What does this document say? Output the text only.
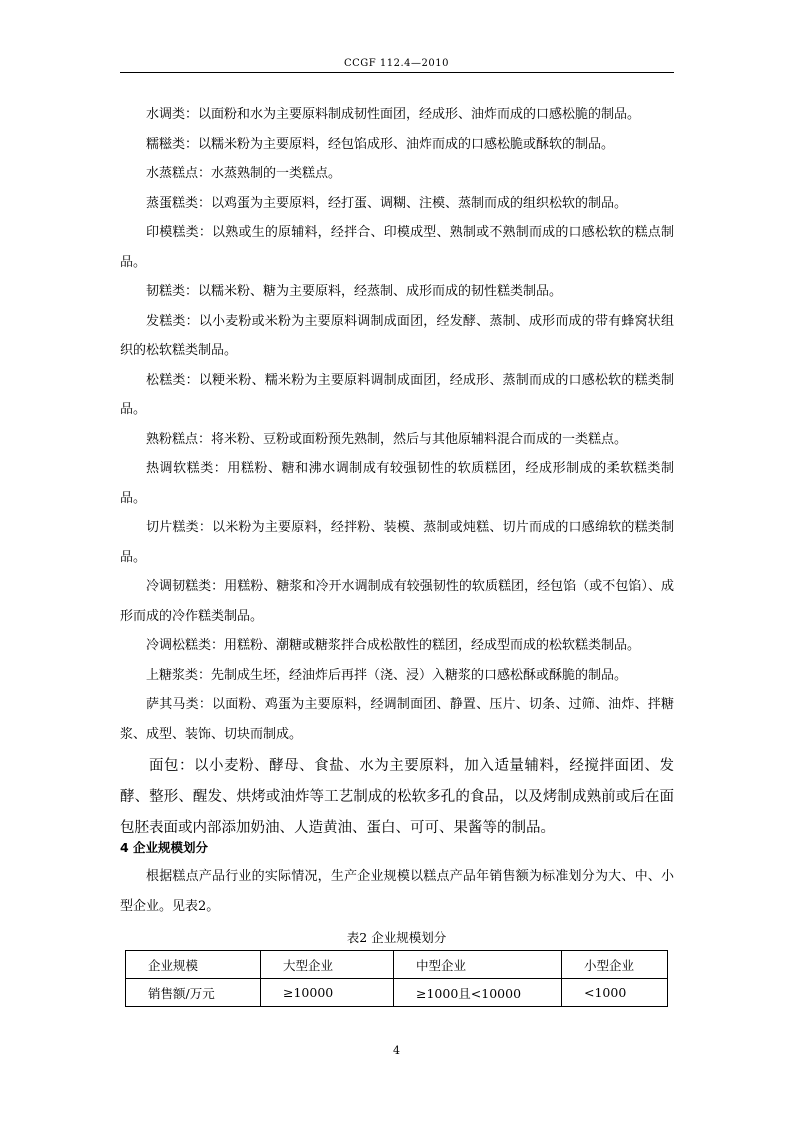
CCGF 112.4—2010

水调类：以面粉和水为主要原料制成韧性面团，经成形、油炸而成的口感松脆的制品。

糯糍类：以糯米粉为主要原料，经包馅成形、油炸而成的口感松脆或酥软的制品。

水蒸糕点：水蒸熟制的一类糕点。

蒸蛋糕类：以鸡蛋为主要原料，经打蛋、调糊、注模、蒸制而成的组织松软的制品。

印模糕类：以熟或生的原辅料，经拌合、印模成型、熟制或不熟制而成的口感松软的糕点制品。

韧糕类：以糯米粉、糖为主要原料，经蒸制、成形而成的韧性糕类制品。

发糕类：以小麦粉或米粉为主要原料调制成面团，经发酵、蒸制、成形而成的带有蜂窝状组织的松软糕类制品。

松糕类：以粳米粉、糯米粉为主要原料调制成面团，经成形、蒸制而成的口感松软的糕类制品。

熟粉糕点：将米粉、豆粉或面粉预先熟制，然后与其他原辅料混合而成的一类糕点。

热调软糕类：用糕粉、糖和沸水调制成有较强韧性的软质糕团，经成形制成的柔软糕类制品。

切片糕类：以米粉为主要原料，经拌粉、装模、蒸制或炖糕、切片而成的口感绵软的糕类制品。

冷调韧糕类：用糕粉、糖浆和冷开水调制成有较强韧性的软质糕团，经包馅（或不包馅）、成形而成的冷作糕类制品。

冷调松糕类：用糕粉、潮糖或糖浆拌合成松散性的糕团，经成型而成的松软糕类制品。

上糖浆类：先制成生坯，经油炸后再拌（浇、浸）入糖浆的口感松酥或酥脆的制品。

萨其马类：以面粉、鸡蛋为主要原料，经调制面团、静置、压片、切条、过筛、油炸、拌糖浆、成型、装饰、切块而制成。

面包：以小麦粉、酵母、食盐、水为主要原料，加入适量辅料，经搅拌面团、发酵、整形、醒发、烘烤或油炸等工艺制成的松软多孔的食品，以及烤制成熟前或后在面包胚表面或内部添加奶油、人造黄油、蛋白、可可、果酱等的制品。

4 企业规模划分

根据糕点产品行业的实际情况，生产企业规模以糕点产品年销售额为标准划分为大、中、小型企业。见表2。

表2 企业规模划分
企业规模	大型企业	中型企业	小型企业
销售额/万元	≥10000	≥1000且<10000	<1000
4
